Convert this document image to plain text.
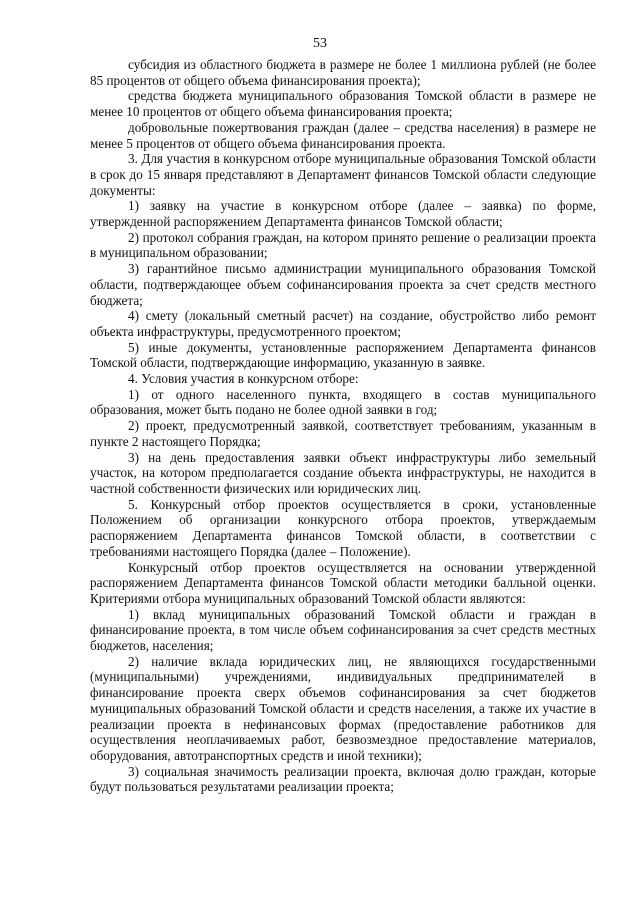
53

субсидия из областного бюджета в размере не более 1 миллиона рублей (не более 85 процентов от общего объема финансирования проекта);

средства бюджета муниципального образования Томской области в размере не менее 10 процентов от общего объема финансирования проекта;

добровольные пожертвования граждан (далее – средства населения) в размере не менее 5 процентов от общего объема финансирования проекта.

3. Для участия в конкурсном отборе муниципальные образования Томской области в срок до 15 января представляют в Департамент финансов Томской области следующие документы:

1) заявку на участие в конкурсном отборе (далее – заявка) по форме, утвержденной распоряжением Департамента финансов Томской области;

2) протокол собрания граждан, на котором принято решение о реализации проекта в муниципальном образовании;

3) гарантийное письмо администрации муниципального образования Томской области, подтверждающее объем софинансирования проекта за счет средств местного бюджета;

4) смету (локальный сметный расчет) на создание, обустройство либо ремонт объекта инфраструктуры, предусмотренного проектом;

5) иные документы, установленные распоряжением Департамента финансов Томской области, подтверждающие информацию, указанную в заявке.

4. Условия участия в конкурсном отборе:

1) от одного населенного пункта, входящего в состав муниципального образования, может быть подано не более одной заявки в год;

2) проект, предусмотренный заявкой, соответствует требованиям, указанным в пункте 2 настоящего Порядка;

3) на день предоставления заявки объект инфраструктуры либо земельный участок, на котором предполагается создание объекта инфраструктуры, не находится в частной собственности физических или юридических лиц.

5. Конкурсный отбор проектов осуществляется в сроки, установленные Положением об организации конкурсного отбора проектов, утверждаемым распоряжением Департамента финансов Томской области, в соответствии с требованиями настоящего Порядка (далее – Положение).

Конкурсный отбор проектов осуществляется на основании утвержденной распоряжением Департамента финансов Томской области методики балльной оценки. Критериями отбора муниципальных образований Томской области являются:

1) вклад муниципальных образований Томской области и граждан в финансирование проекта, в том числе объем софинансирования за счет средств местных бюджетов, населения;

2) наличие вклада юридических лиц, не являющихся государственными (муниципальными) учреждениями, индивидуальных предпринимателей в финансирование проекта сверх объемов софинансирования за счет бюджетов муниципальных образований Томской области и средств населения, а также их участие в реализации проекта в нефинансовых формах (предоставление работников для осуществления неоплачиваемых работ, безвозмездное предоставление материалов, оборудования, автотранспортных средств и иной техники);

3) социальная значимость реализации проекта, включая долю граждан, которые будут пользоваться результатами реализации проекта;
